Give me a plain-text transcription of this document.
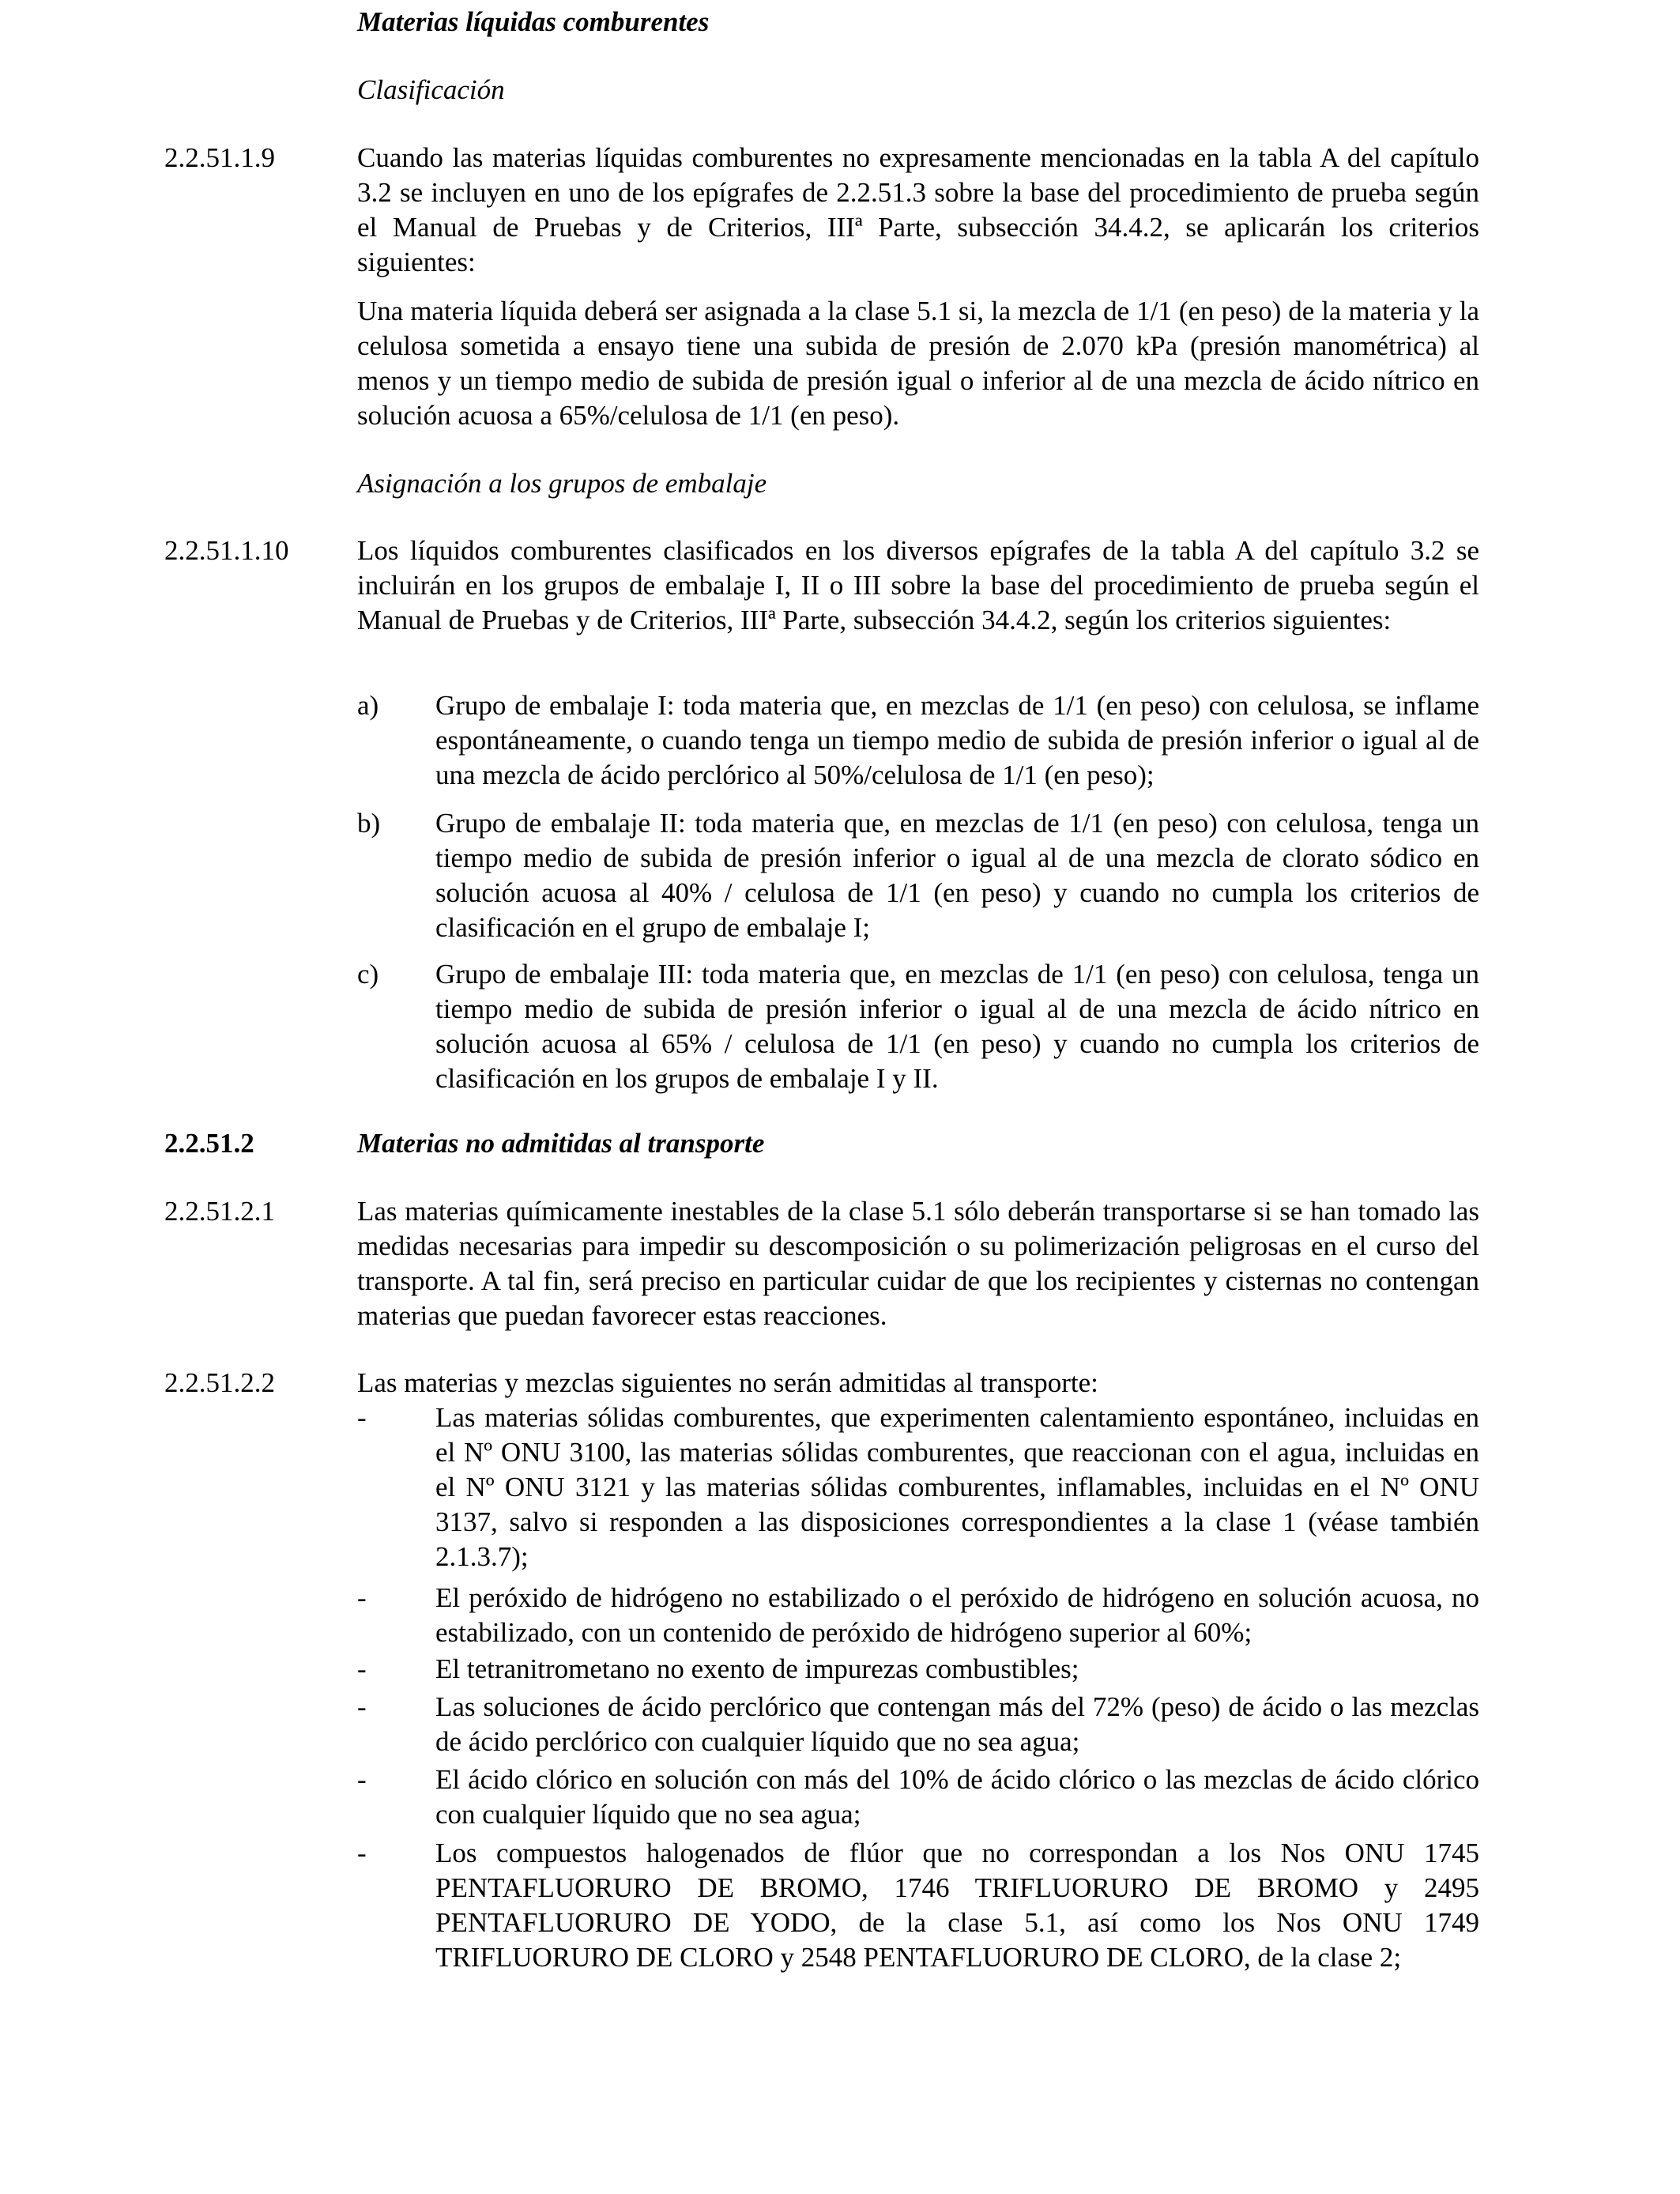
Materias líquidas comburentes

Clasificación

2.2.51.1.9	Cuando las materias líquidas comburentes no expresamente mencionadas en la tabla A del capítulo 3.2 se incluyen en uno de los epígrafes de 2.2.51.3 sobre la base del procedimiento de prueba según el Manual de Pruebas y de Criterios, IIIª Parte, subsección 34.4.2, se aplicarán los criterios siguientes:

Una materia líquida deberá ser asignada a la clase 5.1 si, la mezcla de 1/1 (en peso) de la materia y la celulosa sometida a ensayo tiene una subida de presión de 2.070 kPa (presión manométrica) al menos y un tiempo medio de subida de presión igual o inferior al de una mezcla de ácido nítrico en solución acuosa a 65%/celulosa de 1/1 (en peso).

Asignación a los grupos de embalaje

2.2.51.1.10 Los líquidos comburentes clasificados en los diversos epígrafes de la tabla A del capítulo 3.2 se incluirán en los grupos de embalaje I, II o III sobre la base del procedimiento de prueba según el Manual de Pruebas y de Criterios, IIIª Parte, subsección 34.4.2, según los criterios siguientes:

a) Grupo de embalaje I: toda materia que, en mezclas de 1/1 (en peso) con celulosa, se inflame espontáneamente, o cuando tenga un tiempo medio de subida de presión inferior o igual al de una mezcla de ácido perclórico al 50%/celulosa de 1/1 (en peso);

b) Grupo de embalaje II: toda materia que, en mezclas de 1/1 (en peso) con celulosa, tenga un tiempo medio de subida de presión inferior o igual al de una mezcla de clorato sódico en solución acuosa al 40% / celulosa de 1/1 (en peso) y cuando no cumpla los criterios de clasificación en el grupo de embalaje I;

c) Grupo de embalaje III: toda materia que, en mezclas de 1/1 (en peso) con celulosa, tenga un tiempo medio de subida de presión inferior o igual al de una mezcla de ácido nítrico en solución acuosa al 65% / celulosa de 1/1 (en peso) y cuando no cumpla los criterios de clasificación en los grupos de embalaje I y II.

2.2.51.2	Materias no admitidas al transporte

2.2.51.2.1	Las materias químicamente inestables de la clase 5.1 sólo deberán transportarse si se han tomado las medidas necesarias para impedir su descomposición o su polimerización peligrosas en el curso del transporte. A tal fin, será preciso en particular cuidar de que los recipientes y cisternas no contengan materias que puedan favorecer estas reacciones.

2.2.51.2.2	Las materias y mezclas siguientes no serán admitidas al transporte:

- Las materias sólidas comburentes, que experimenten calentamiento espontáneo, incluidas en el Nº ONU 3100, las materias sólidas comburentes, que reaccionan con el agua, incluidas en el Nº ONU 3121 y las materias sólidas comburentes, inflamables, incluidas en el Nº ONU 3137, salvo si responden a las disposiciones correspondientes a la clase 1 (véase también 2.1.3.7);

- El peróxido de hidrógeno no estabilizado o el peróxido de hidrógeno en solución acuosa, no estabilizado, con un contenido de peróxido de hidrógeno superior al 60%;

- El tetranitrometano no exento de impurezas combustibles;

- Las soluciones de ácido perclórico que contengan más del 72% (peso) de ácido o las mezclas de ácido perclórico con cualquier líquido que no sea agua;

- El ácido clórico en solución con más del 10% de ácido clórico o las mezclas de ácido clórico con cualquier líquido que no sea agua;

- Los compuestos halogenados de flúor que no correspondan a los Nos ONU 1745 PENTAFLUORURO DE BROMO, 1746 TRIFLUORURO DE BROMO y 2495 PENTAFLUORURO DE YODO, de la clase 5.1, así como los Nos ONU 1749 TRIFLUORURO DE CLORO y 2548 PENTAFLUORURO DE CLORO, de la clase 2;
